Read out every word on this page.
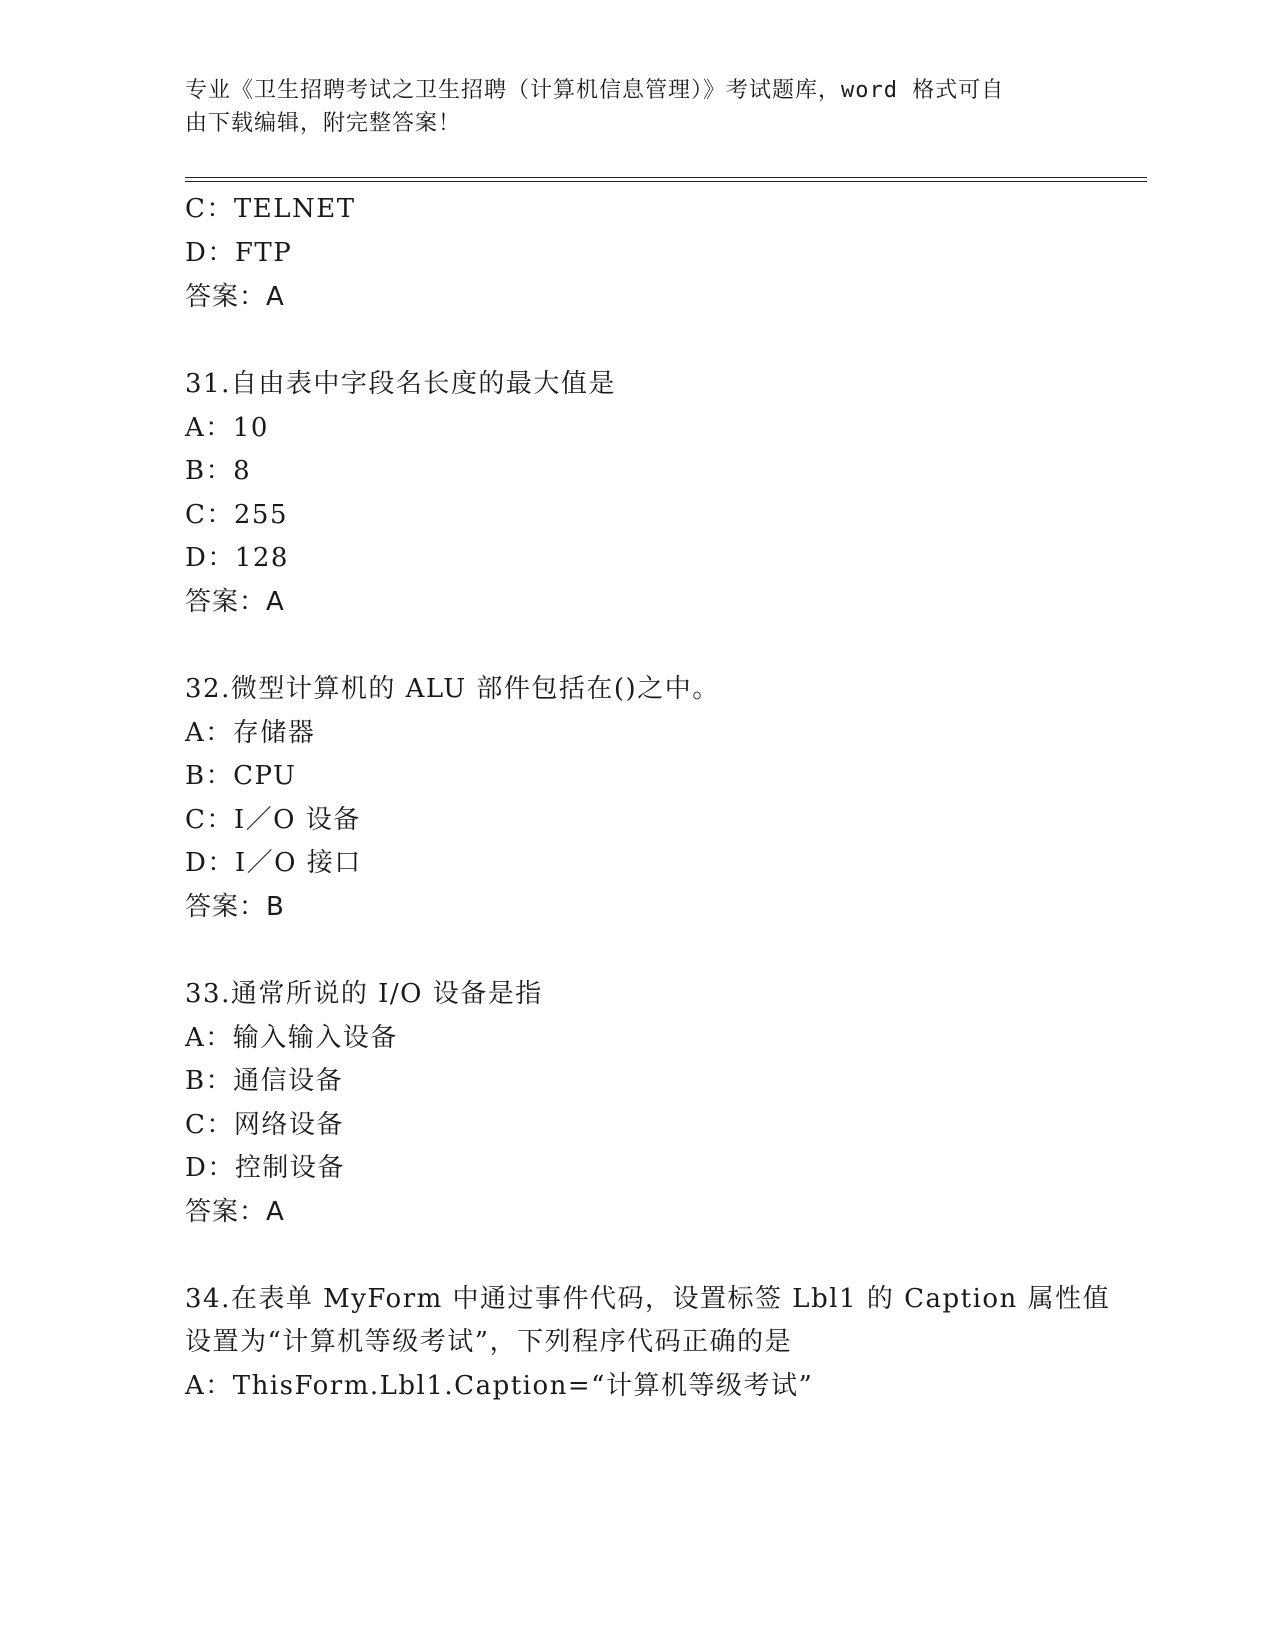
专业《卫生招聘考试之卫生招聘（计算机信息管理）》考试题库，word 格式可自
由下载编辑，附完整答案！
C：TELNET
D：FTP
答案：A
31.自由表中字段名长度的最大值是
A：10
B：8
C：255
D：128
答案：A
32.微型计算机的 ALU 部件包括在()之中。
A：存储器
B：CPU
C：I／O 设备
D：I／O 接口
答案：B
33.通常所说的 I/O 设备是指
A：输入输入设备
B：通信设备
C：网络设备
D：控制设备
答案：A
34.在表单 MyForm 中通过事件代码，设置标签 Lbl1 的 Caption 属性值
设置为“计算机等级考试”，下列程序代码正确的是
A：ThisForm.Lbl1.Caption=“计算机等级考试”
